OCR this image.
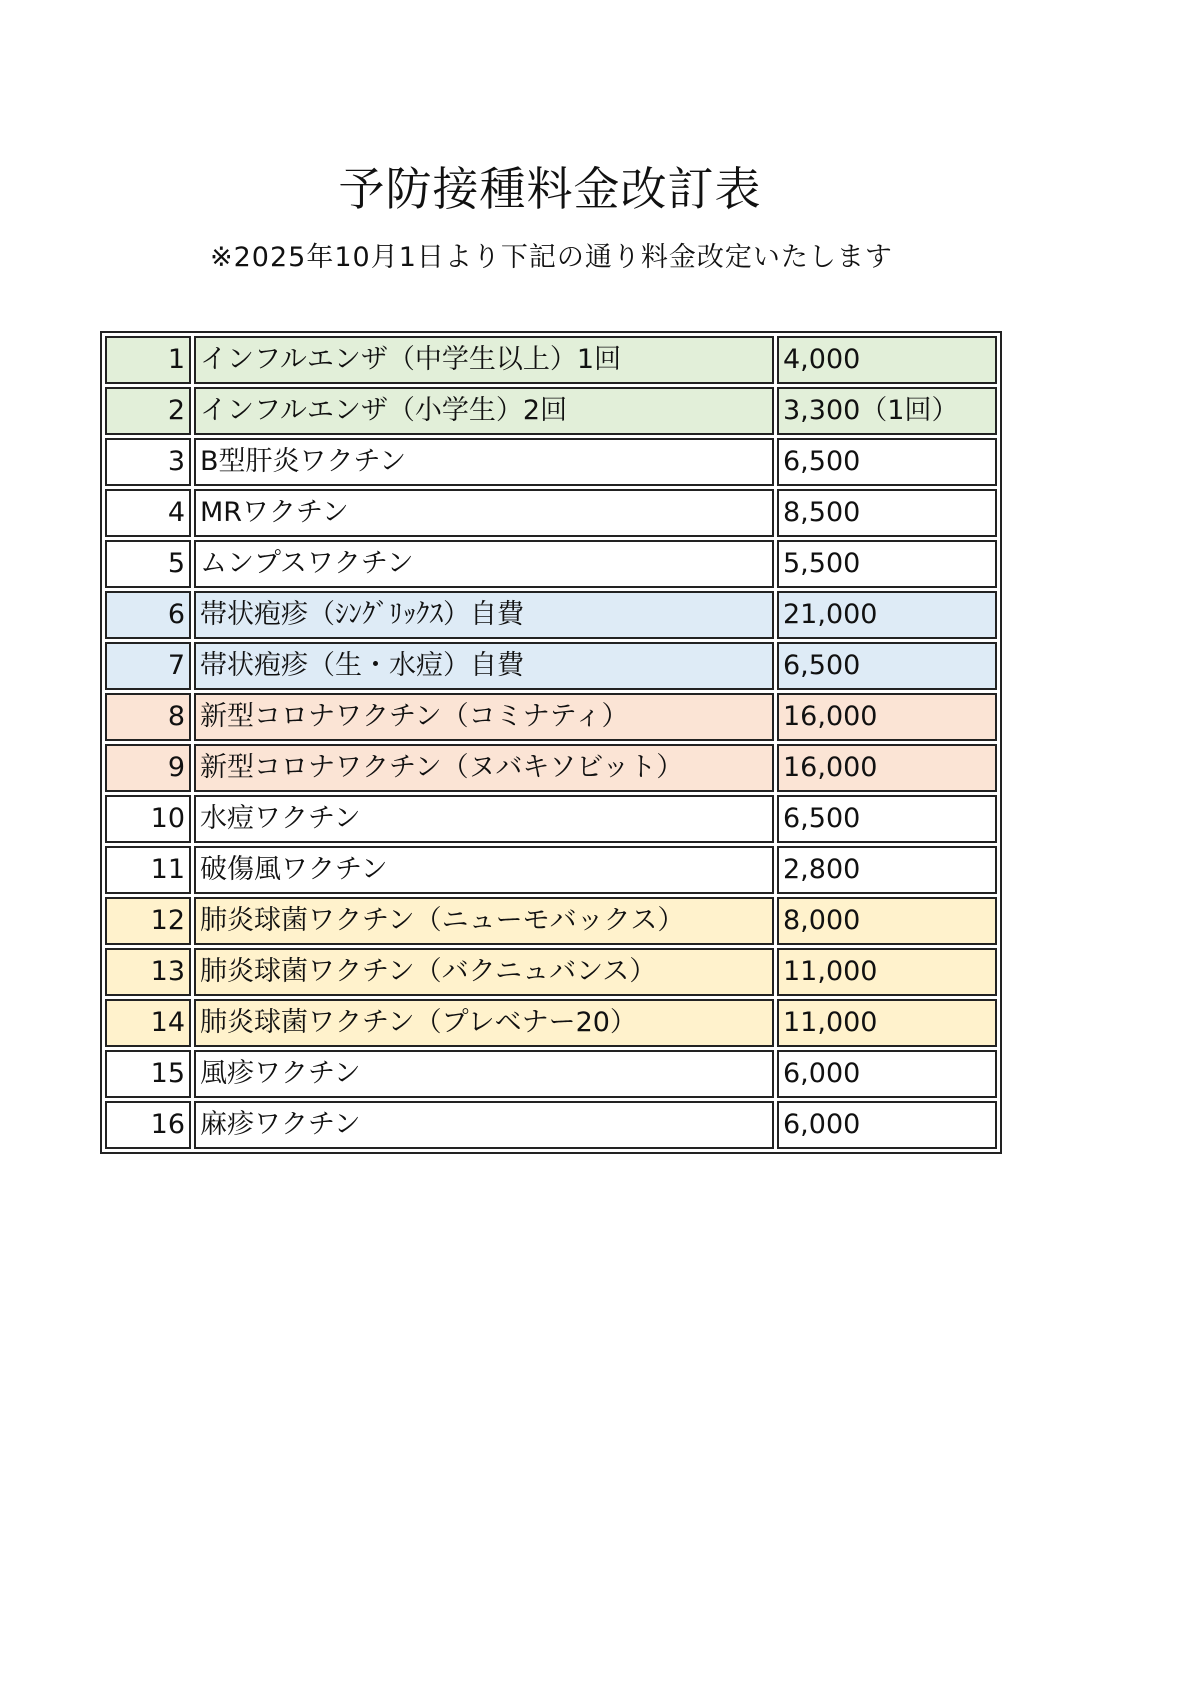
予防接種料金改訂表

※2025年10月1日より下記の通り料金改定いたします

1	インフルエンザ（中学生以上）1回	4,000
2	インフルエンザ（小学生）2回	3,300（1回）
3	B型肝炎ワクチン	6,500
4	MRワクチン	8,500
5	ムンプスワクチン	5,500
6	帯状疱疹（ｼﾝｸﾞﾘｯｸｽ）自費	21,000
7	帯状疱疹（生・水痘）自費	6,500
8	新型コロナワクチン（コミナティ）	16,000
9	新型コロナワクチン（ヌバキソビット）	16,000
10	水痘ワクチン	6,500
11	破傷風ワクチン	2,800
12	肺炎球菌ワクチン（ニューモバックス）	8,000
13	肺炎球菌ワクチン（バクニュバンス）	11,000
14	肺炎球菌ワクチン（プレベナー20）	11,000
15	風疹ワクチン	6,000
16	麻疹ワクチン	6,000
